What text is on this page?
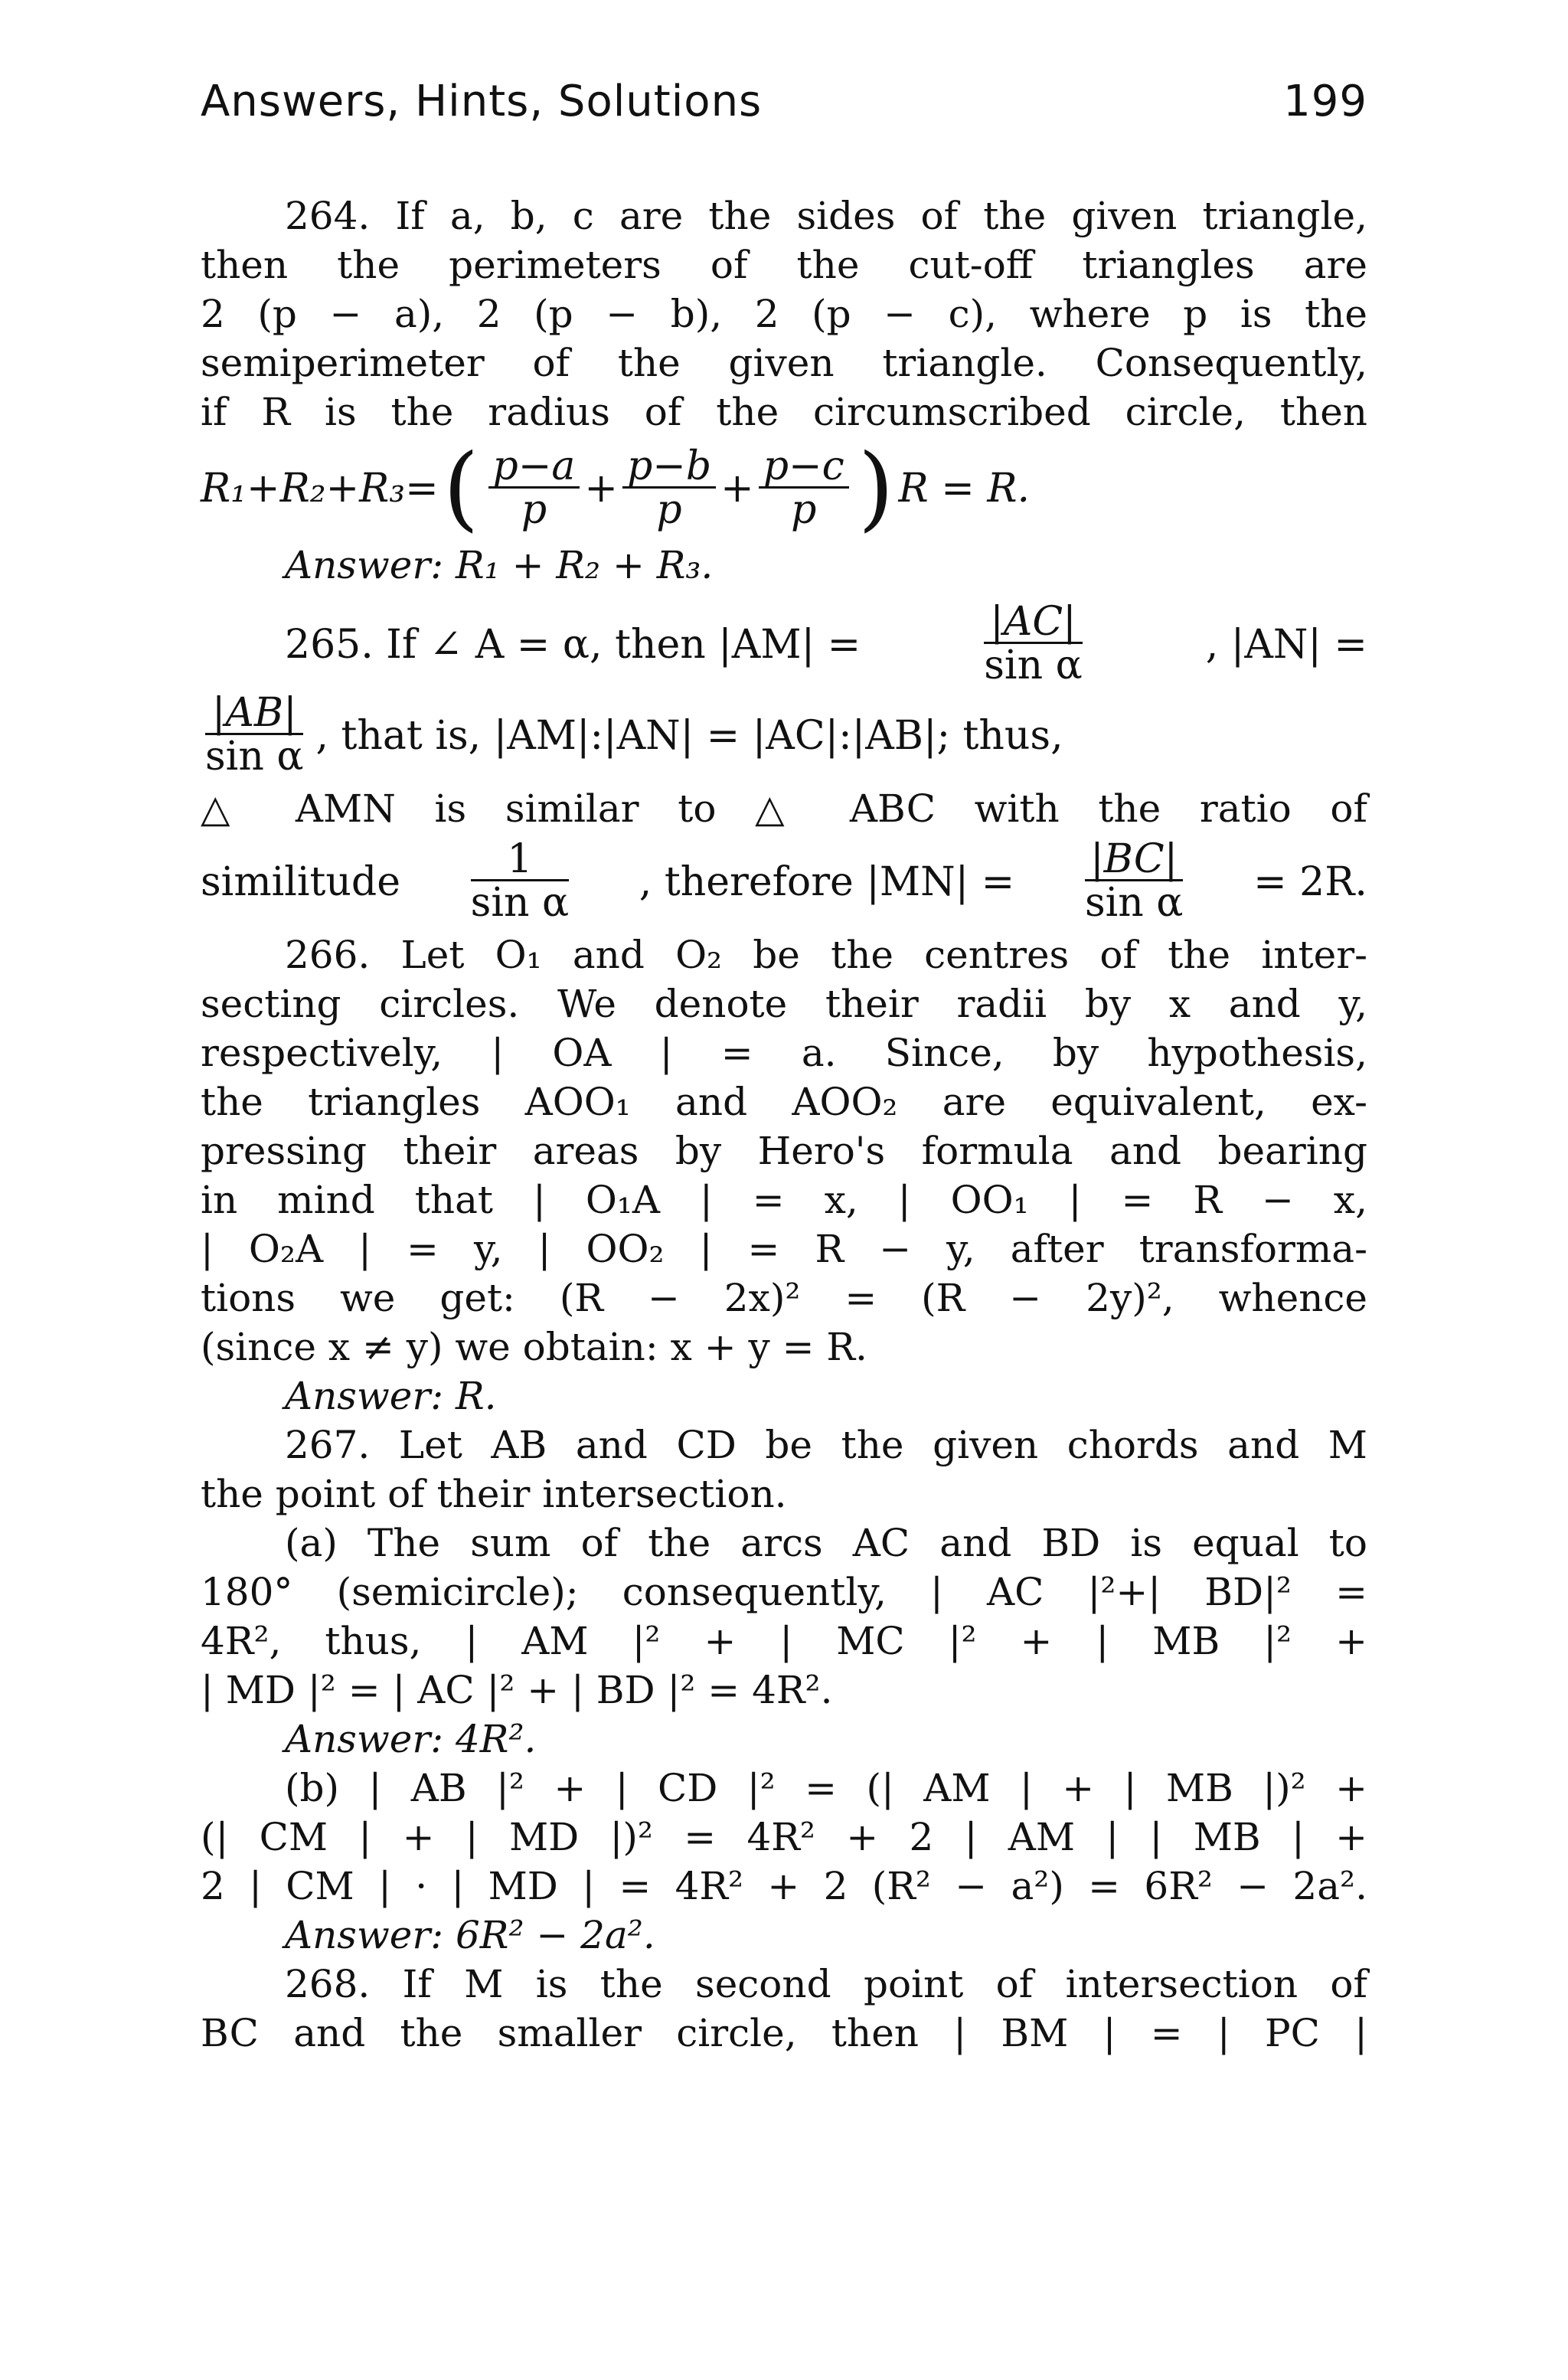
Answers, Hints, Solutions	199
264. If a, b, c are the sides of the given triangle,
then the perimeters of the cut-off triangles are
2 (p − a), 2 (p − b), 2 (p − c), where p is the
semiperimeter of the given triangle. Consequently,
if R is the radius of the circumscribed circle, then
R₁+R₂+R₃= ( $\frac{p-a}{p} + \frac{p-b}{p} + \frac{p-c}{p}$ ) R = R.
Answer: R₁ + R₂ + R₃.
265. If ∠ A = α, then |AM| =	$\frac{|AC|}{\text{sin α}}$	, |AN| =
$\frac{|AB|}{\text{sin α}}$ , that is, |AM|:|AN| = |AC|:|AB|; thus,
△ AMN is similar to △ ABC with the ratio of
similitude $\frac{1}{\text{sin α}}$ , therefore $|MN| = \frac{|BC|}{\text{sin α}} = 2R$.
266. Let O₁ and O₂ be the centres of the inter-
secting circles. We denote their radii by x and y,
respectively, | OA | = a. Since, by hypothesis,
the triangles AOO₁ and AOO₂ are equivalent, ex-
pressing their areas by Hero's formula and bearing
in mind that | O₁A | = x, | OO₁ | = R − x,
| O₂A | = y, | OO₂ | = R − y, after transforma-
tions we get: (R − 2x)² = (R − 2y)², whence
(since x ≠ y) we obtain: x + y = R.
Answer: R.
267. Let AB and CD be the given chords and M
the point of their intersection.
(a) The sum of the arcs AC and BD is equal to
180° (semicircle); consequently, | AC |²+| BD|² =
4R², thus, | AM |² + | MC |² + | MB |² +
| MD |² = | AC |² + | BD |² = 4R².
Answer: 4R².
(b) | AB |² + | CD |² = (| AM | + | MB |)² +
(| CM | + | MD |)² = 4R² + 2 | AM | | MB | +
2 | CM | · | MD | = 4R² + 2 (R² − a²) = 6R² − 2a².
Answer: 6R² − 2a².
268. If M is the second point of intersection of
BC and the smaller circle, then | BM | = | PC |
